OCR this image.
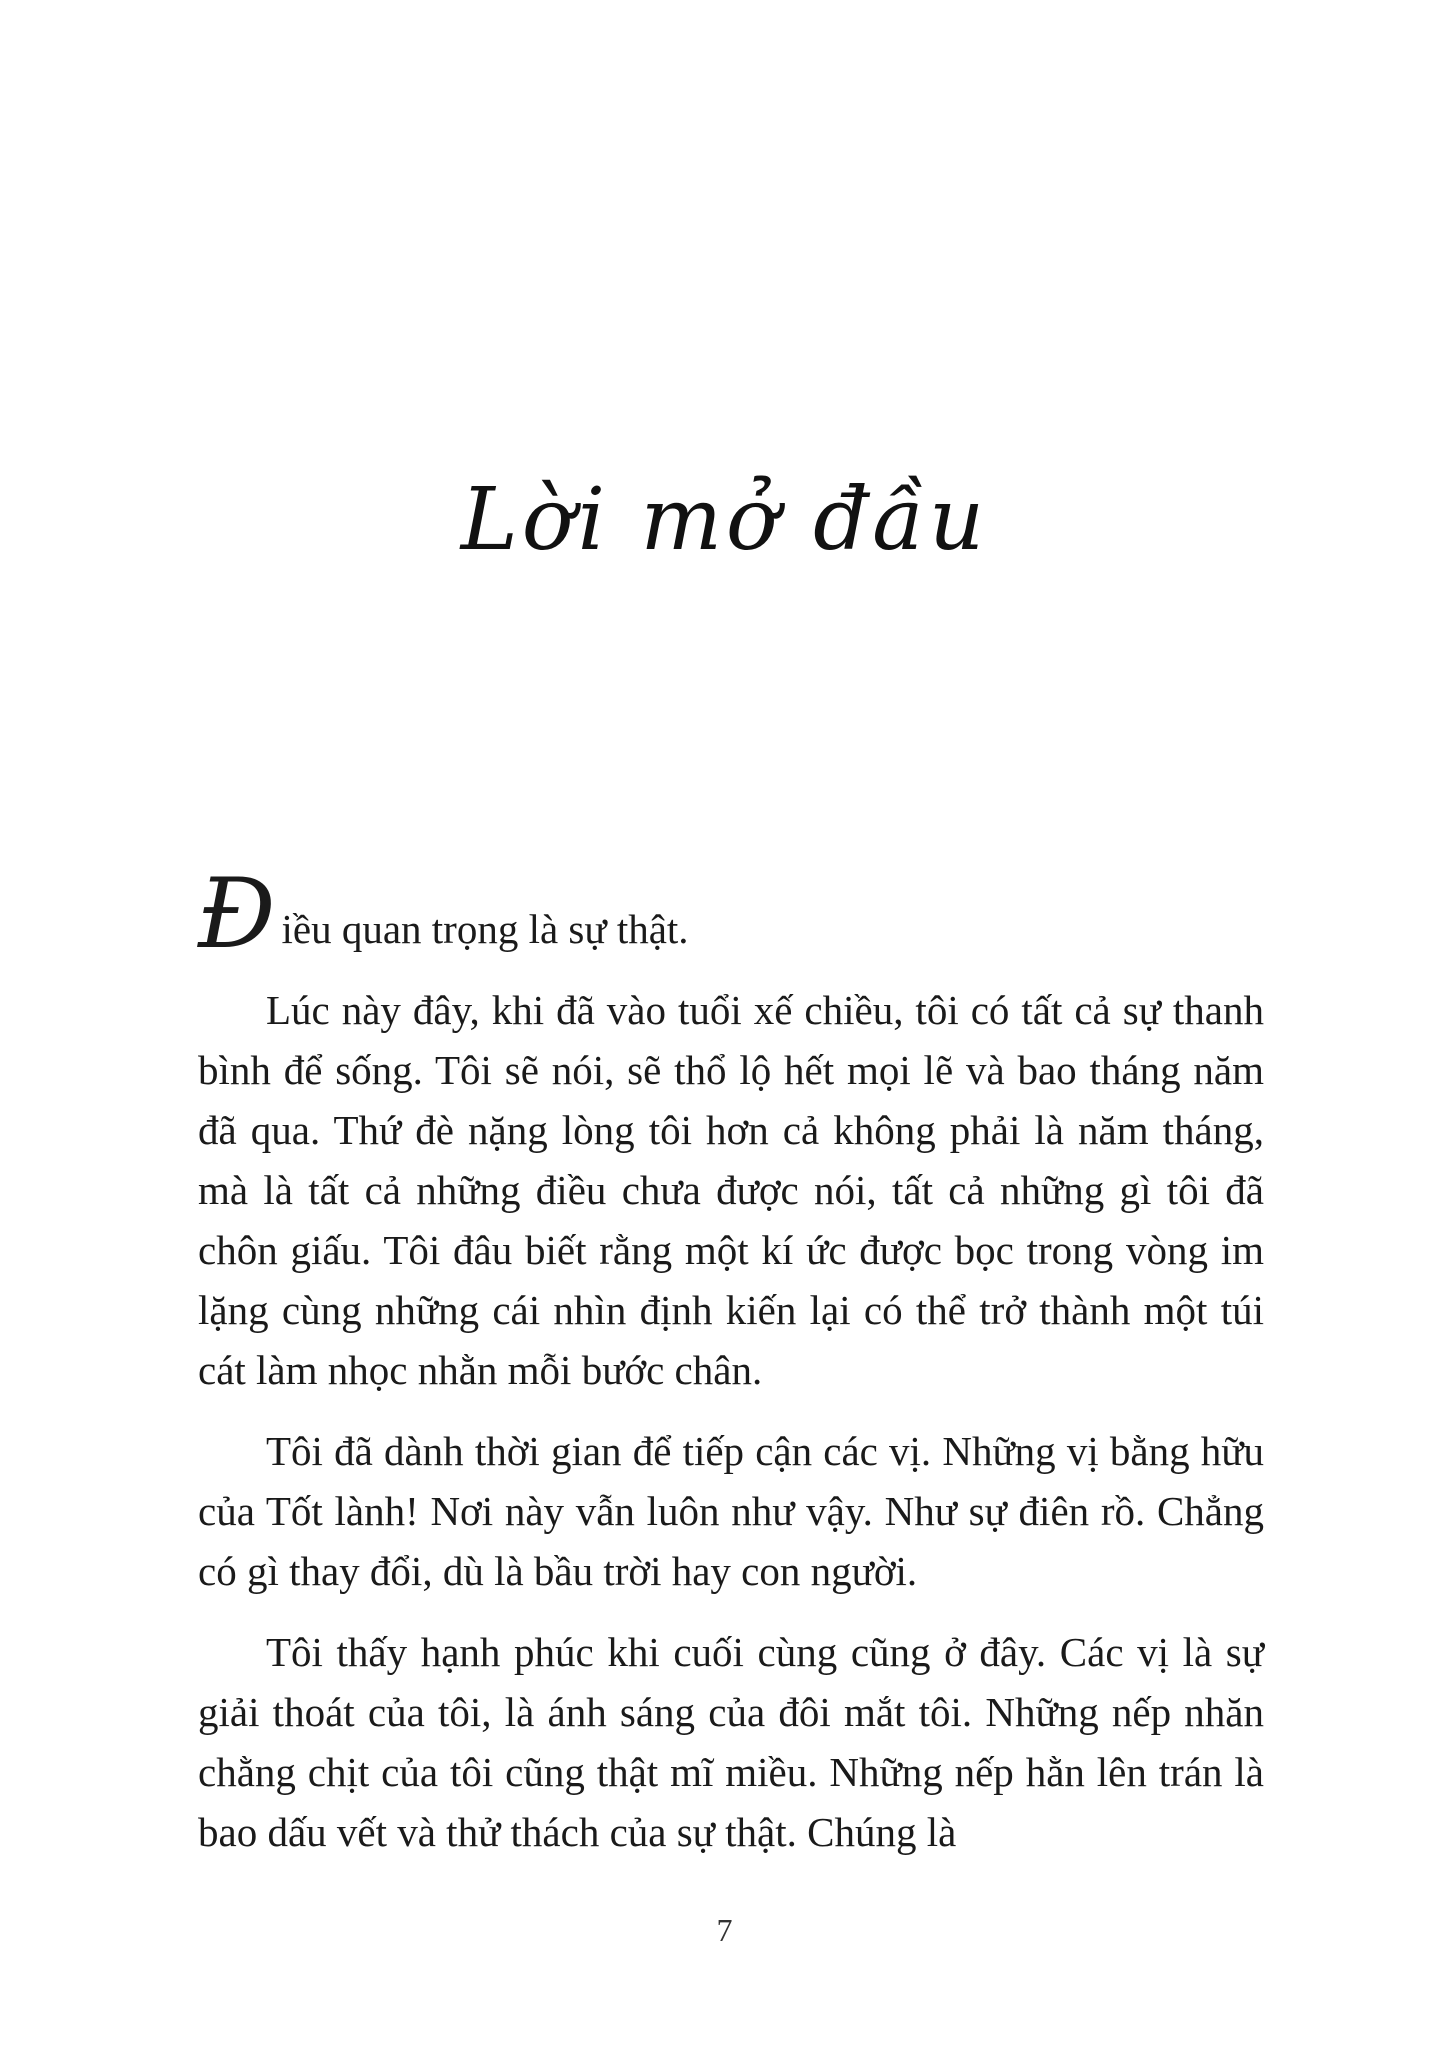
Lời mở đầu

Điều quan trọng là sự thật.

Lúc này đây, khi đã vào tuổi xế chiều, tôi có tất cả sự thanh bình để sống. Tôi sẽ nói, sẽ thổ lộ hết mọi lẽ và bao tháng năm đã qua. Thứ đè nặng lòng tôi hơn cả không phải là năm tháng, mà là tất cả những điều chưa được nói, tất cả những gì tôi đã chôn giấu. Tôi đâu biết rằng một kí ức được bọc trong vòng im lặng cùng những cái nhìn định kiến lại có thể trở thành một túi cát làm nhọc nhằn mỗi bước chân.

Tôi đã dành thời gian để tiếp cận các vị. Những vị bằng hữu của Tốt lành! Nơi này vẫn luôn như vậy. Như sự điên rồ. Chẳng có gì thay đổi, dù là bầu trời hay con người.

Tôi thấy hạnh phúc khi cuối cùng cũng ở đây. Các vị là sự giải thoát của tôi, là ánh sáng của đôi mắt tôi. Những nếp nhăn chằng chịt của tôi cũng thật mĩ miều. Những nếp hằn lên trán là bao dấu vết và thử thách của sự thật. Chúng là

7
